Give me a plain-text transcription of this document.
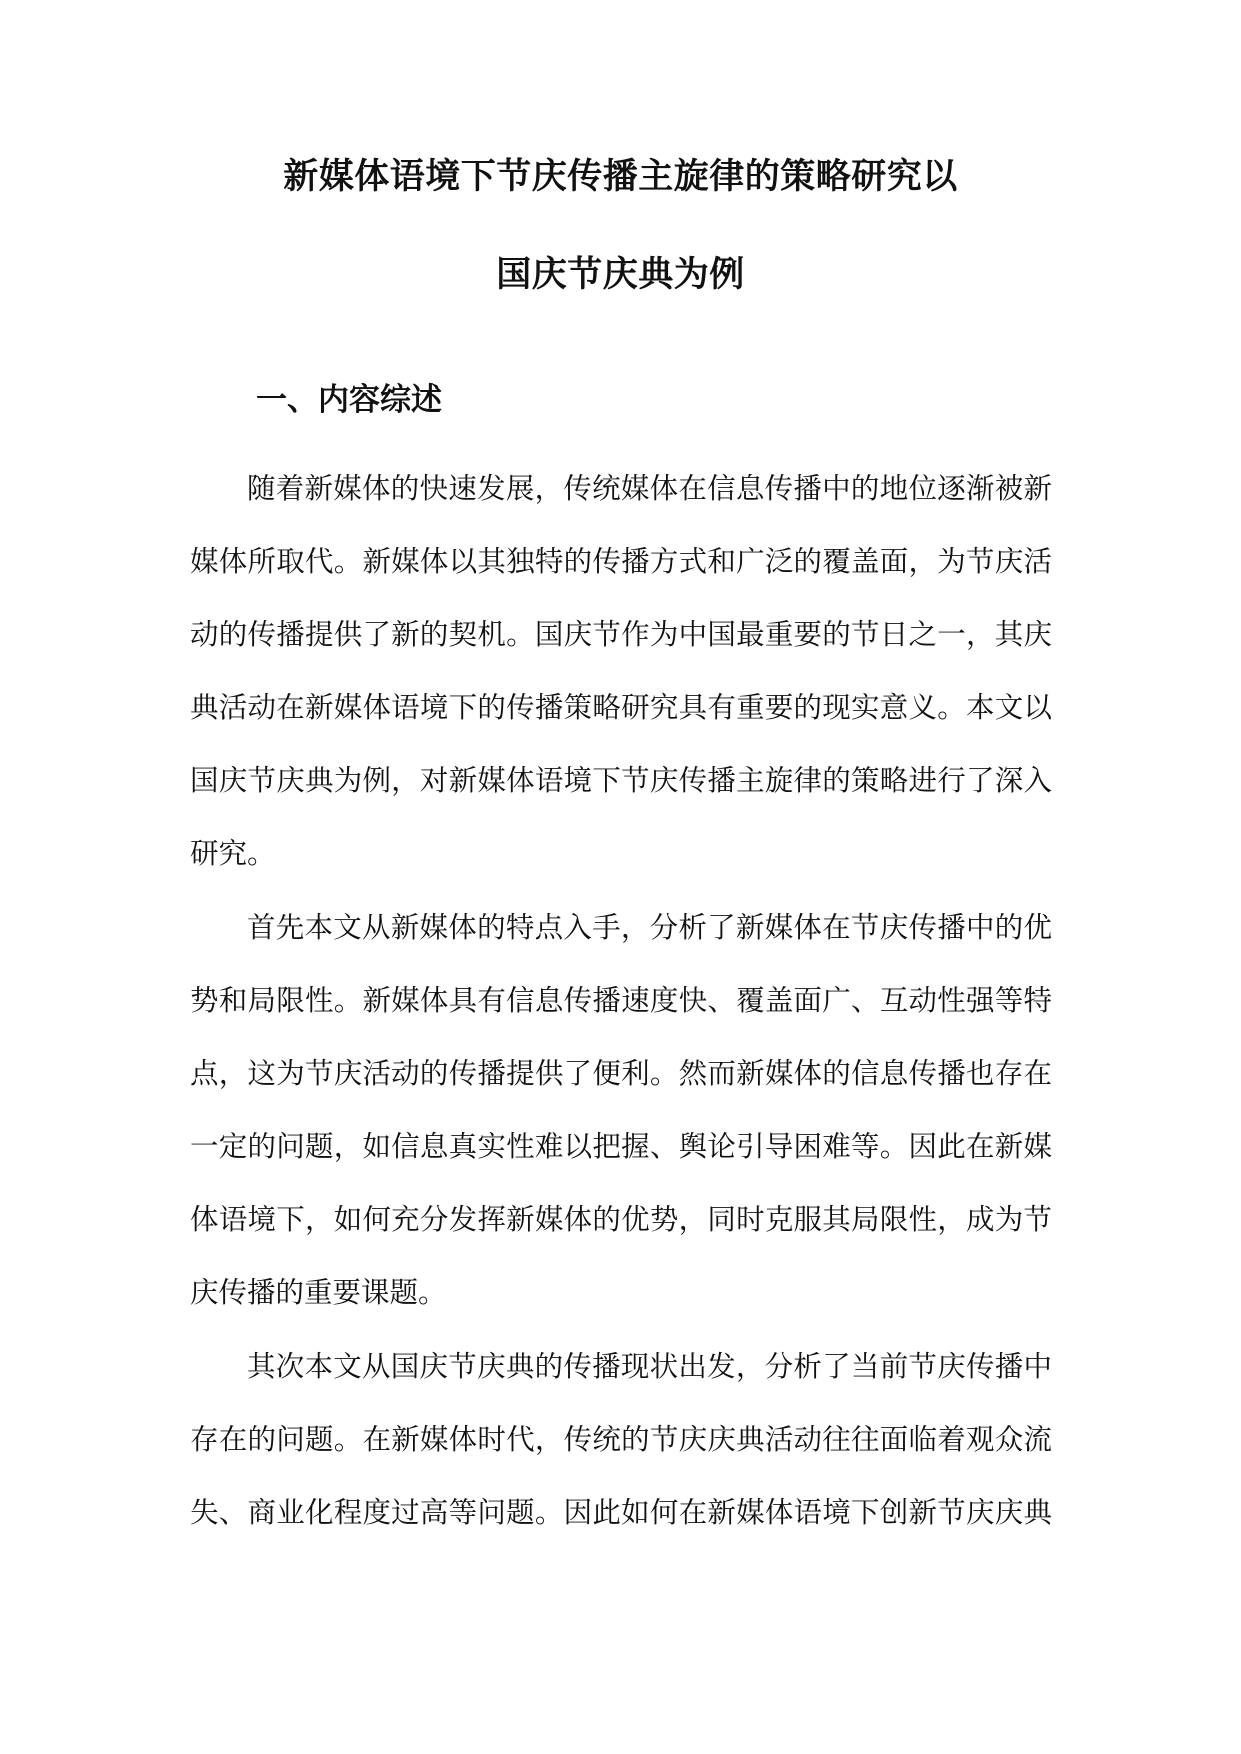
新媒体语境下节庆传播主旋律的策略研究以
国庆节庆典为例
一、内容综述
随着新媒体的快速发展，传统媒体在信息传播中的地位逐渐被新
媒体所取代。新媒体以其独特的传播方式和广泛的覆盖面，为节庆活
动的传播提供了新的契机。国庆节作为中国最重要的节日之一，其庆
典活动在新媒体语境下的传播策略研究具有重要的现实意义。本文以
国庆节庆典为例，对新媒体语境下节庆传播主旋律的策略进行了深入
研究。
首先本文从新媒体的特点入手，分析了新媒体在节庆传播中的优
势和局限性。新媒体具有信息传播速度快、覆盖面广、互动性强等特
点，这为节庆活动的传播提供了便利。然而新媒体的信息传播也存在
一定的问题，如信息真实性难以把握、舆论引导困难等。因此在新媒
体语境下，如何充分发挥新媒体的优势，同时克服其局限性，成为节
庆传播的重要课题。
其次本文从国庆节庆典的传播现状出发，分析了当前节庆传播中
存在的问题。在新媒体时代，传统的节庆庆典活动往往面临着观众流
失、商业化程度过高等问题。因此如何在新媒体语境下创新节庆庆典
